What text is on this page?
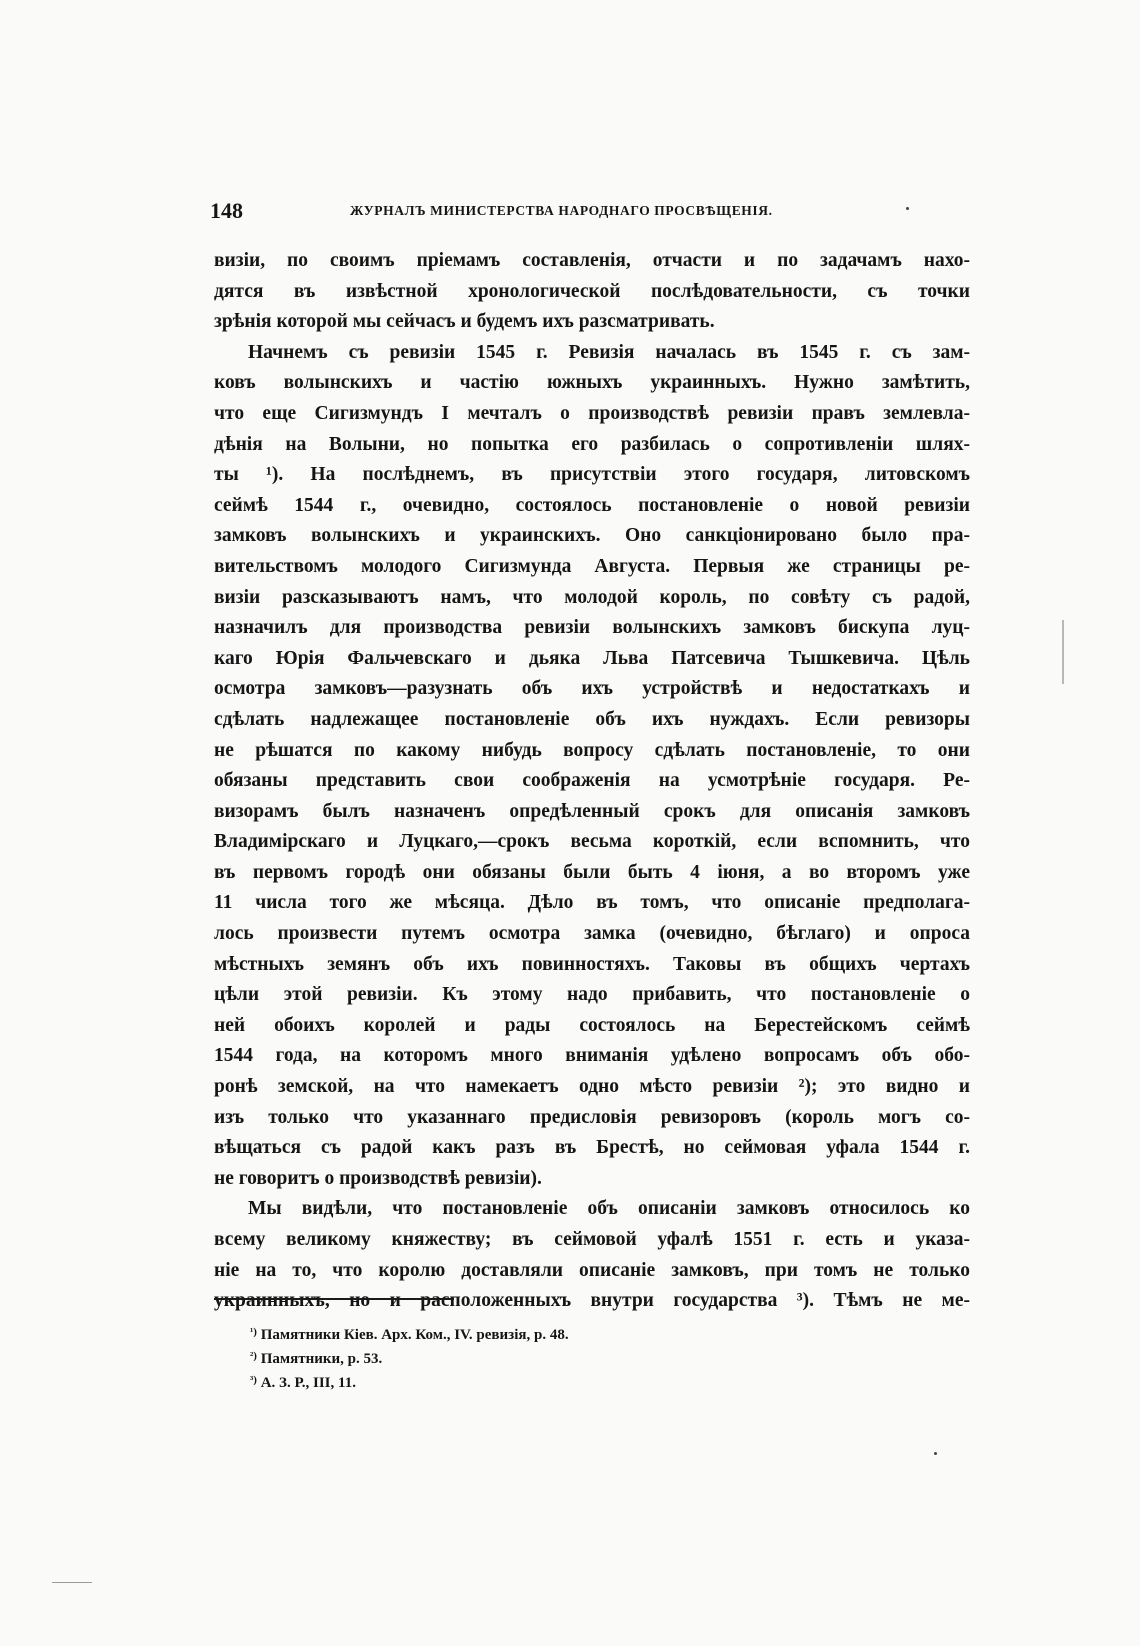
148	ЖУРНАЛЪ МИНИСТЕРСТВА НАРОДНАГО ПРОСВѢЩЕНІЯ.
визіи, по своимъ пріемамъ составленія, отчасти и по задачамъ нахо-
дятся въ извѣстной хронологической послѣдовательности, съ точки
зрѣнія которой мы сейчасъ и будемъ ихъ разсматривать.
Начнемъ съ ревизіи 1545 г. Ревизія началась въ 1545 г. съ зам-
ковъ волынскихъ и частію южныхъ украинныхъ. Нужно замѣтить,
что еще Сигизмундъ I мечталъ о производствѣ ревизіи правъ землевла-
дѣнія на Волыни, но попытка его разбилась о сопротивленіи шлях-
ты ¹). На послѣднемъ, въ присутствіи этого государя, литовскомъ
сеймѣ 1544 г., очевидно, состоялось постановленіе о новой ревизіи
замковъ волынскихъ и украинскихъ. Оно санкціонировано было пра-
вительствомъ молодого Сигизмунда Августа. Первыя же страницы ре-
визіи разсказываютъ намъ, что молодой король, по совѣту съ радой,
назначилъ для производства ревизіи волынскихъ замковъ бискупа луц-
каго Юрія Фальчевскаго и дьяка Льва Патсевича Тышкевича. Цѣль
осмотра замковъ—разузнать объ ихъ устройствѣ и недостаткахъ и
сдѣлать надлежащее постановленіе объ ихъ нуждахъ. Если ревизоры
не рѣшатся по какому нибудь вопросу сдѣлать постановленіе, то они
обязаны представить свои соображенія на усмотрѣніе государя. Ре-
визорамъ былъ назначенъ опредѣленный срокъ для описанія замковъ
Владимірскаго и Луцкаго,—срокъ весьма короткій, если вспомнить, что
въ первомъ городѣ они обязаны были быть 4 іюня, а во второмъ уже
11 числа того же мѣсяца. Дѣло въ томъ, что описаніе предполага-
лось произвести путемъ осмотра замка (очевидно, бѣглаго) и опроса
мѣстныхъ земянъ объ ихъ повинностяхъ. Таковы въ общихъ чертахъ
цѣли этой ревизіи. Къ этому надо прибавить, что постановленіе о
ней обоихъ королей и рады состоялось на Берестейскомъ сеймѣ
1544 года, на которомъ много вниманія удѣлено вопросамъ объ обо-
ронѣ земской, на что намекаетъ одно мѣсто ревизіи ²); это видно и
изъ только что указаннаго предисловія ревизоровъ (король могъ со-
вѣщаться съ радой какъ разъ въ Брестѣ, но сеймовая уфала 1544 г.
не говоритъ о производствѣ ревизіи).
Мы видѣли, что постановленіе объ описаніи замковъ относилось ко
всему великому княжеству; въ сеймовой уфалѣ 1551 г. есть и указа-
ніе на то, что королю доставляли описаніе замковъ, при томъ не только
украинныхъ, но и расположенныхъ внутри государства ³). Тѣмъ не ме-
$^{^1)}$ Памятники Кіев. Арх. Ком., IV. ревизія, р. 48.
$^{^2)}$ Памятники, р. 53.
$^{^3)}$ А. З. Р., III, 11.
